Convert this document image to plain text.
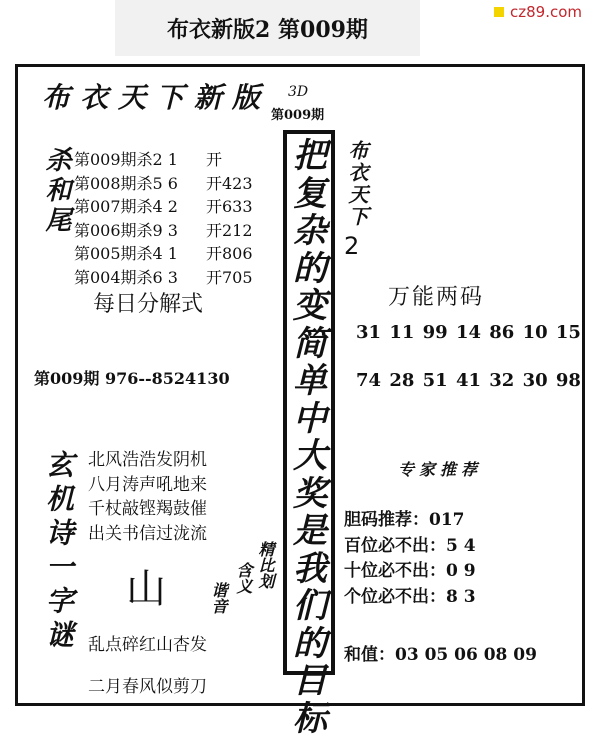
布衣新版2 第009期
cz89.com
布衣天下新版 3D
第009期
杀和尾 第009期杀2 1	开
第008期杀5 6	开423
第007期杀4 2	开633
第006期杀9 3	开212
第005期杀4 1	开806
第004期杀6 3	开705
每日分解式
第009期 976--8524130
玄机诗一字谜 北风浩浩发阴机
八月涛声吼地来
千杖敲铿羯鼓催
出关书信过泷流
山	精比划
含义
谐音
乱点碎红山杏发
二月春风似剪刀
把复杂的变简单中大奖是我们的目标
布衣天下
2
万能两码
31 11 99 14 86 10 15
74 28 51 41 32 30 98
专家推荐
胆码推荐：017
百位必不出：5 4
十位必不出：0 9
个位必不出：8 3
和值：03 05 06 08 09
